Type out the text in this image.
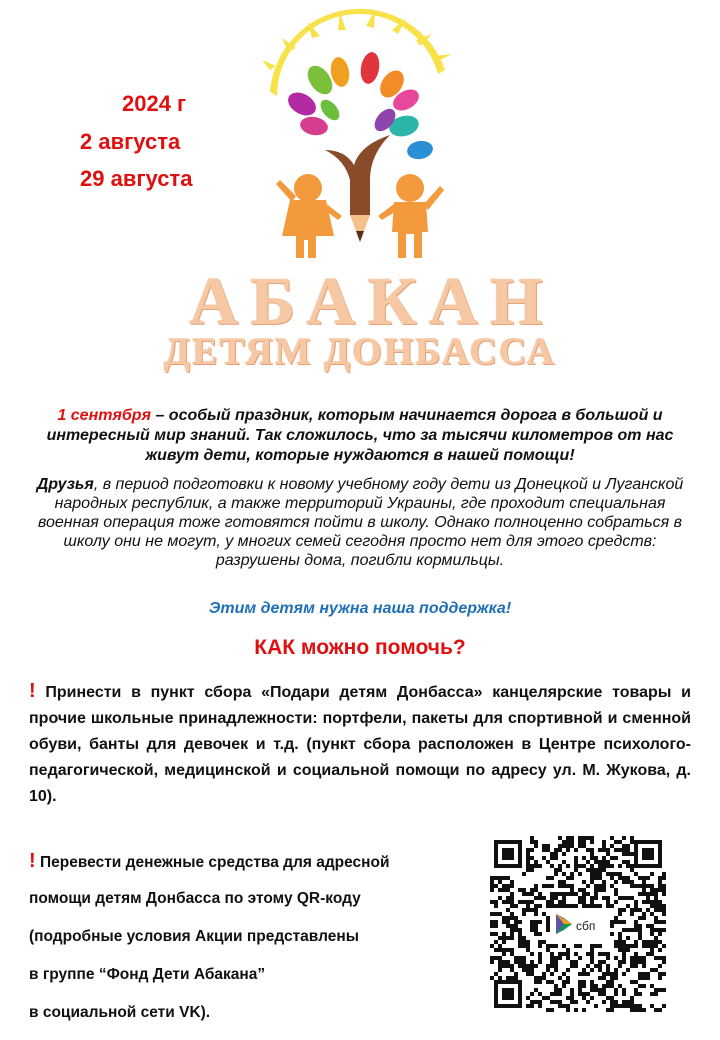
2024 г
2 августа
29 августа
АБАКАН
ДЕТЯМ ДОНБАССА
1 сентября – особый праздник, которым начинается дорога в большой и интересный мир знаний. Так сложилось, что за тысячи километров от нас живут дети, которые нуждаются в нашей помощи!
Друзья, в период подготовки к новому учебному году дети из Донецкой и Луганской народных республик, а также территорий Украины, где проходит специальная военная операция тоже готовятся пойти в школу. Однако полноценно собраться в школу они не могут, у многих семей сегодня просто нет для этого средств: разрушены дома, погибли кормильцы.
Этим детям нужна наша поддержка!
КАК можно помочь?
! Принести в пункт сбора «Подари детям Донбасса» канцелярские товары и прочие школьные принадлежности: портфели, пакеты для спортивной и сменной обуви, банты для девочек и т.д. (пункт сбора расположен в Центре психолого-педагогической, медицинской и социальной помощи по адресу ул. М. Жукова, д. 10).
! Перевести денежные средства для адресной
помощи детям Донбасса по этому QR-коду
(подробные условия Акции представлены
в группе “Фонд Дети Абакана”
в социальной сети VK).
сбп
